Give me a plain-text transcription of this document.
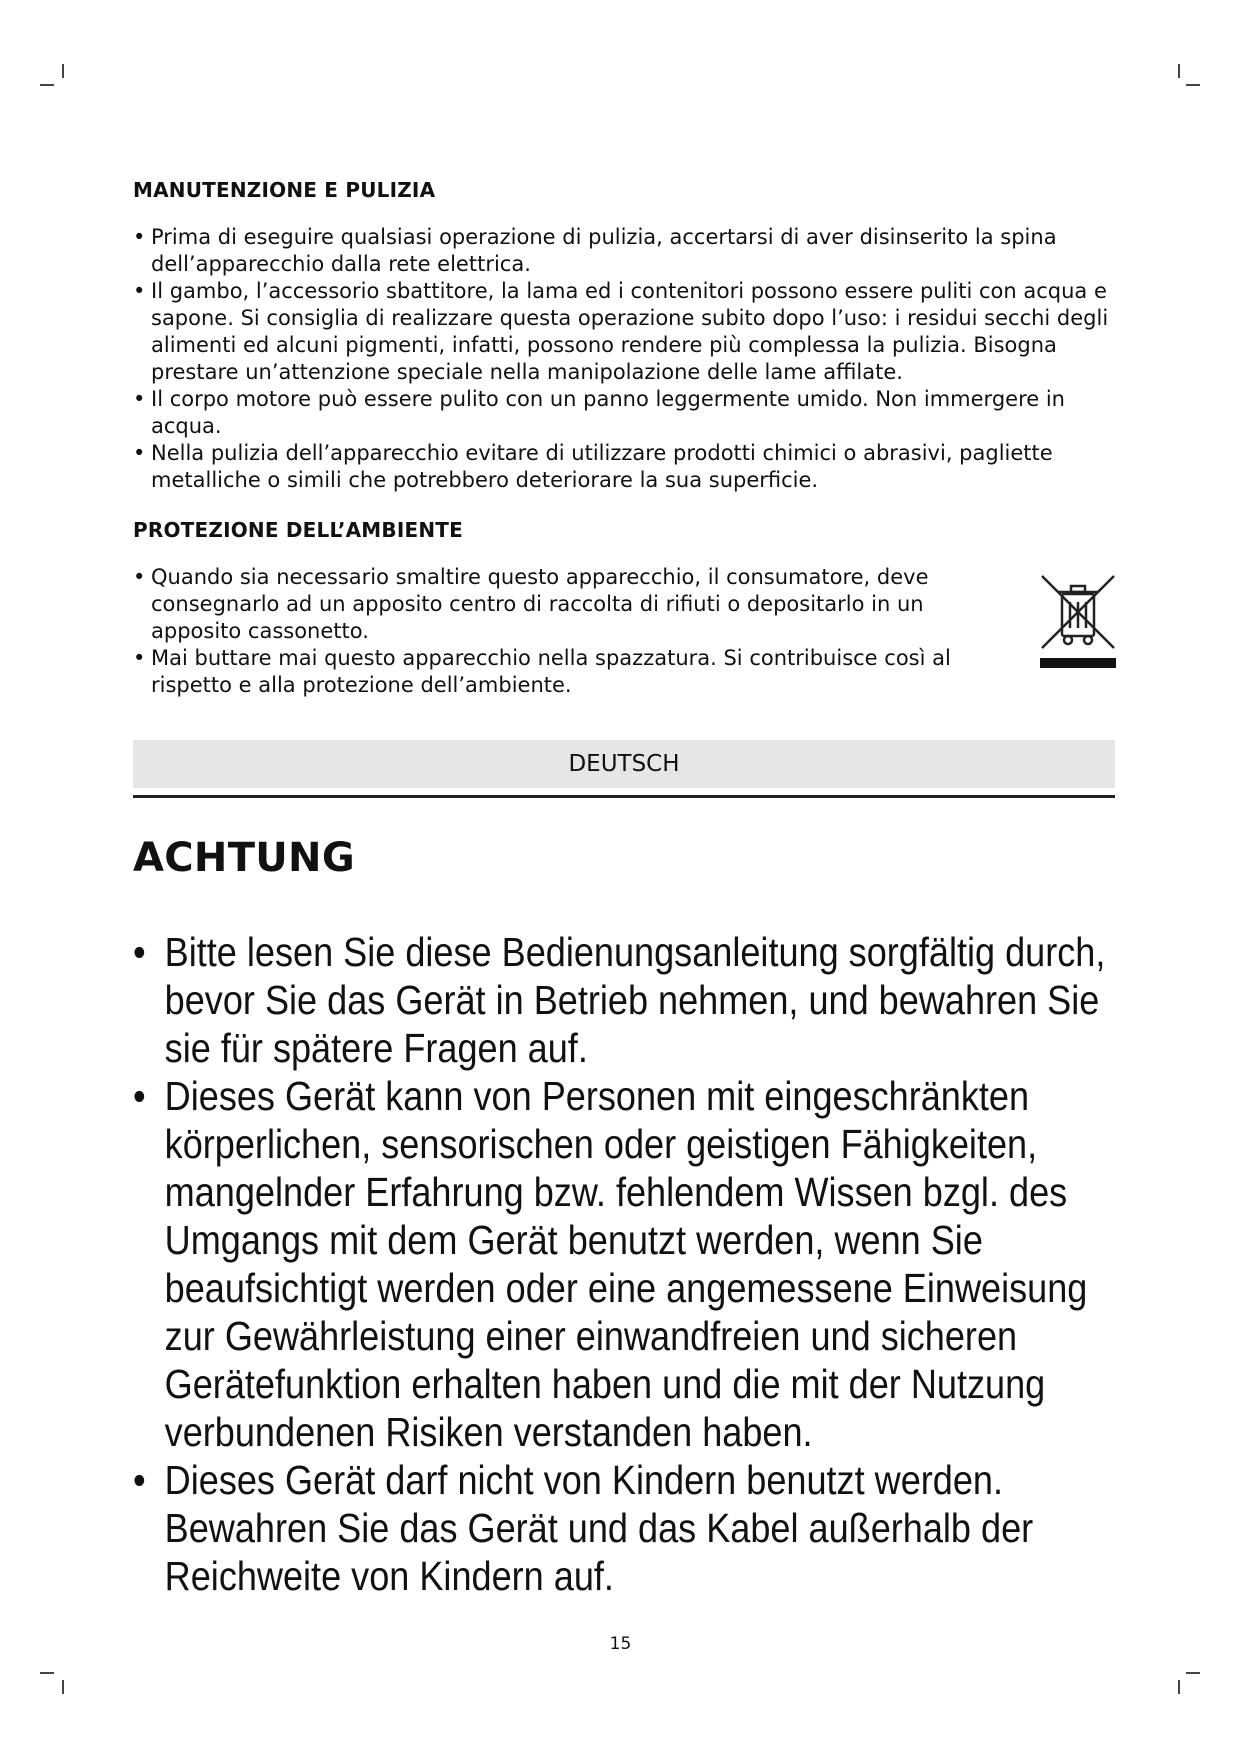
MANUTENZIONE E PULIZIA
• Prima di eseguire qualsiasi operazione di pulizia, accertarsi di aver disinserito la spina dell’apparecchio dalla rete elettrica.
• Il gambo, l’accessorio sbattitore, la lama ed i contenitori possono essere puliti con acqua e sapone. Si consiglia di realizzare questa operazione subito dopo l’uso: i residui secchi degli alimenti ed alcuni pigmenti, infatti, possono rendere più complessa la pulizia. Bisogna prestare un’attenzione speciale nella manipolazione delle lame affilate.
• Il corpo motore può essere pulito con un panno leggermente umido. Non immergere in acqua.
• Nella pulizia dell’apparecchio evitare di utilizzare prodotti chimici o abrasivi, pagliette metalliche o simili che potrebbero deteriorare la sua superficie.
PROTEZIONE DELL’AMBIENTE
• Quando sia necessario smaltire questo apparecchio, il consumatore, deve consegnarlo ad un apposito centro di raccolta di rifiuti o depositarlo in un apposito cassonetto.
• Mai buttare mai questo apparecchio nella spazzatura. Si contribuisce così al rispetto e alla protezione dell’ambiente.
DEUTSCH
ACHTUNG
• Bitte lesen Sie diese Bedienungsanleitung sorgfältig durch, bevor Sie das Gerät in Betrieb nehmen, und bewahren Sie sie für spätere Fragen auf.
• Dieses Gerät kann von Personen mit eingeschränkten körperlichen, sensorischen oder geistigen Fähigkeiten, mangelnder Erfahrung bzw. fehlendem Wissen bzgl. des Umgangs mit dem Gerät benutzt werden, wenn Sie beaufsichtigt werden oder eine angemessene Einweisung zur Gewährleistung einer einwandfreien und sicheren Gerätefunktion erhalten haben und die mit der Nutzung verbundenen Risiken verstanden haben.
• Dieses Gerät darf nicht von Kindern benutzt werden. Bewahren Sie das Gerät und das Kabel außerhalb der Reichweite von Kindern auf.
15
